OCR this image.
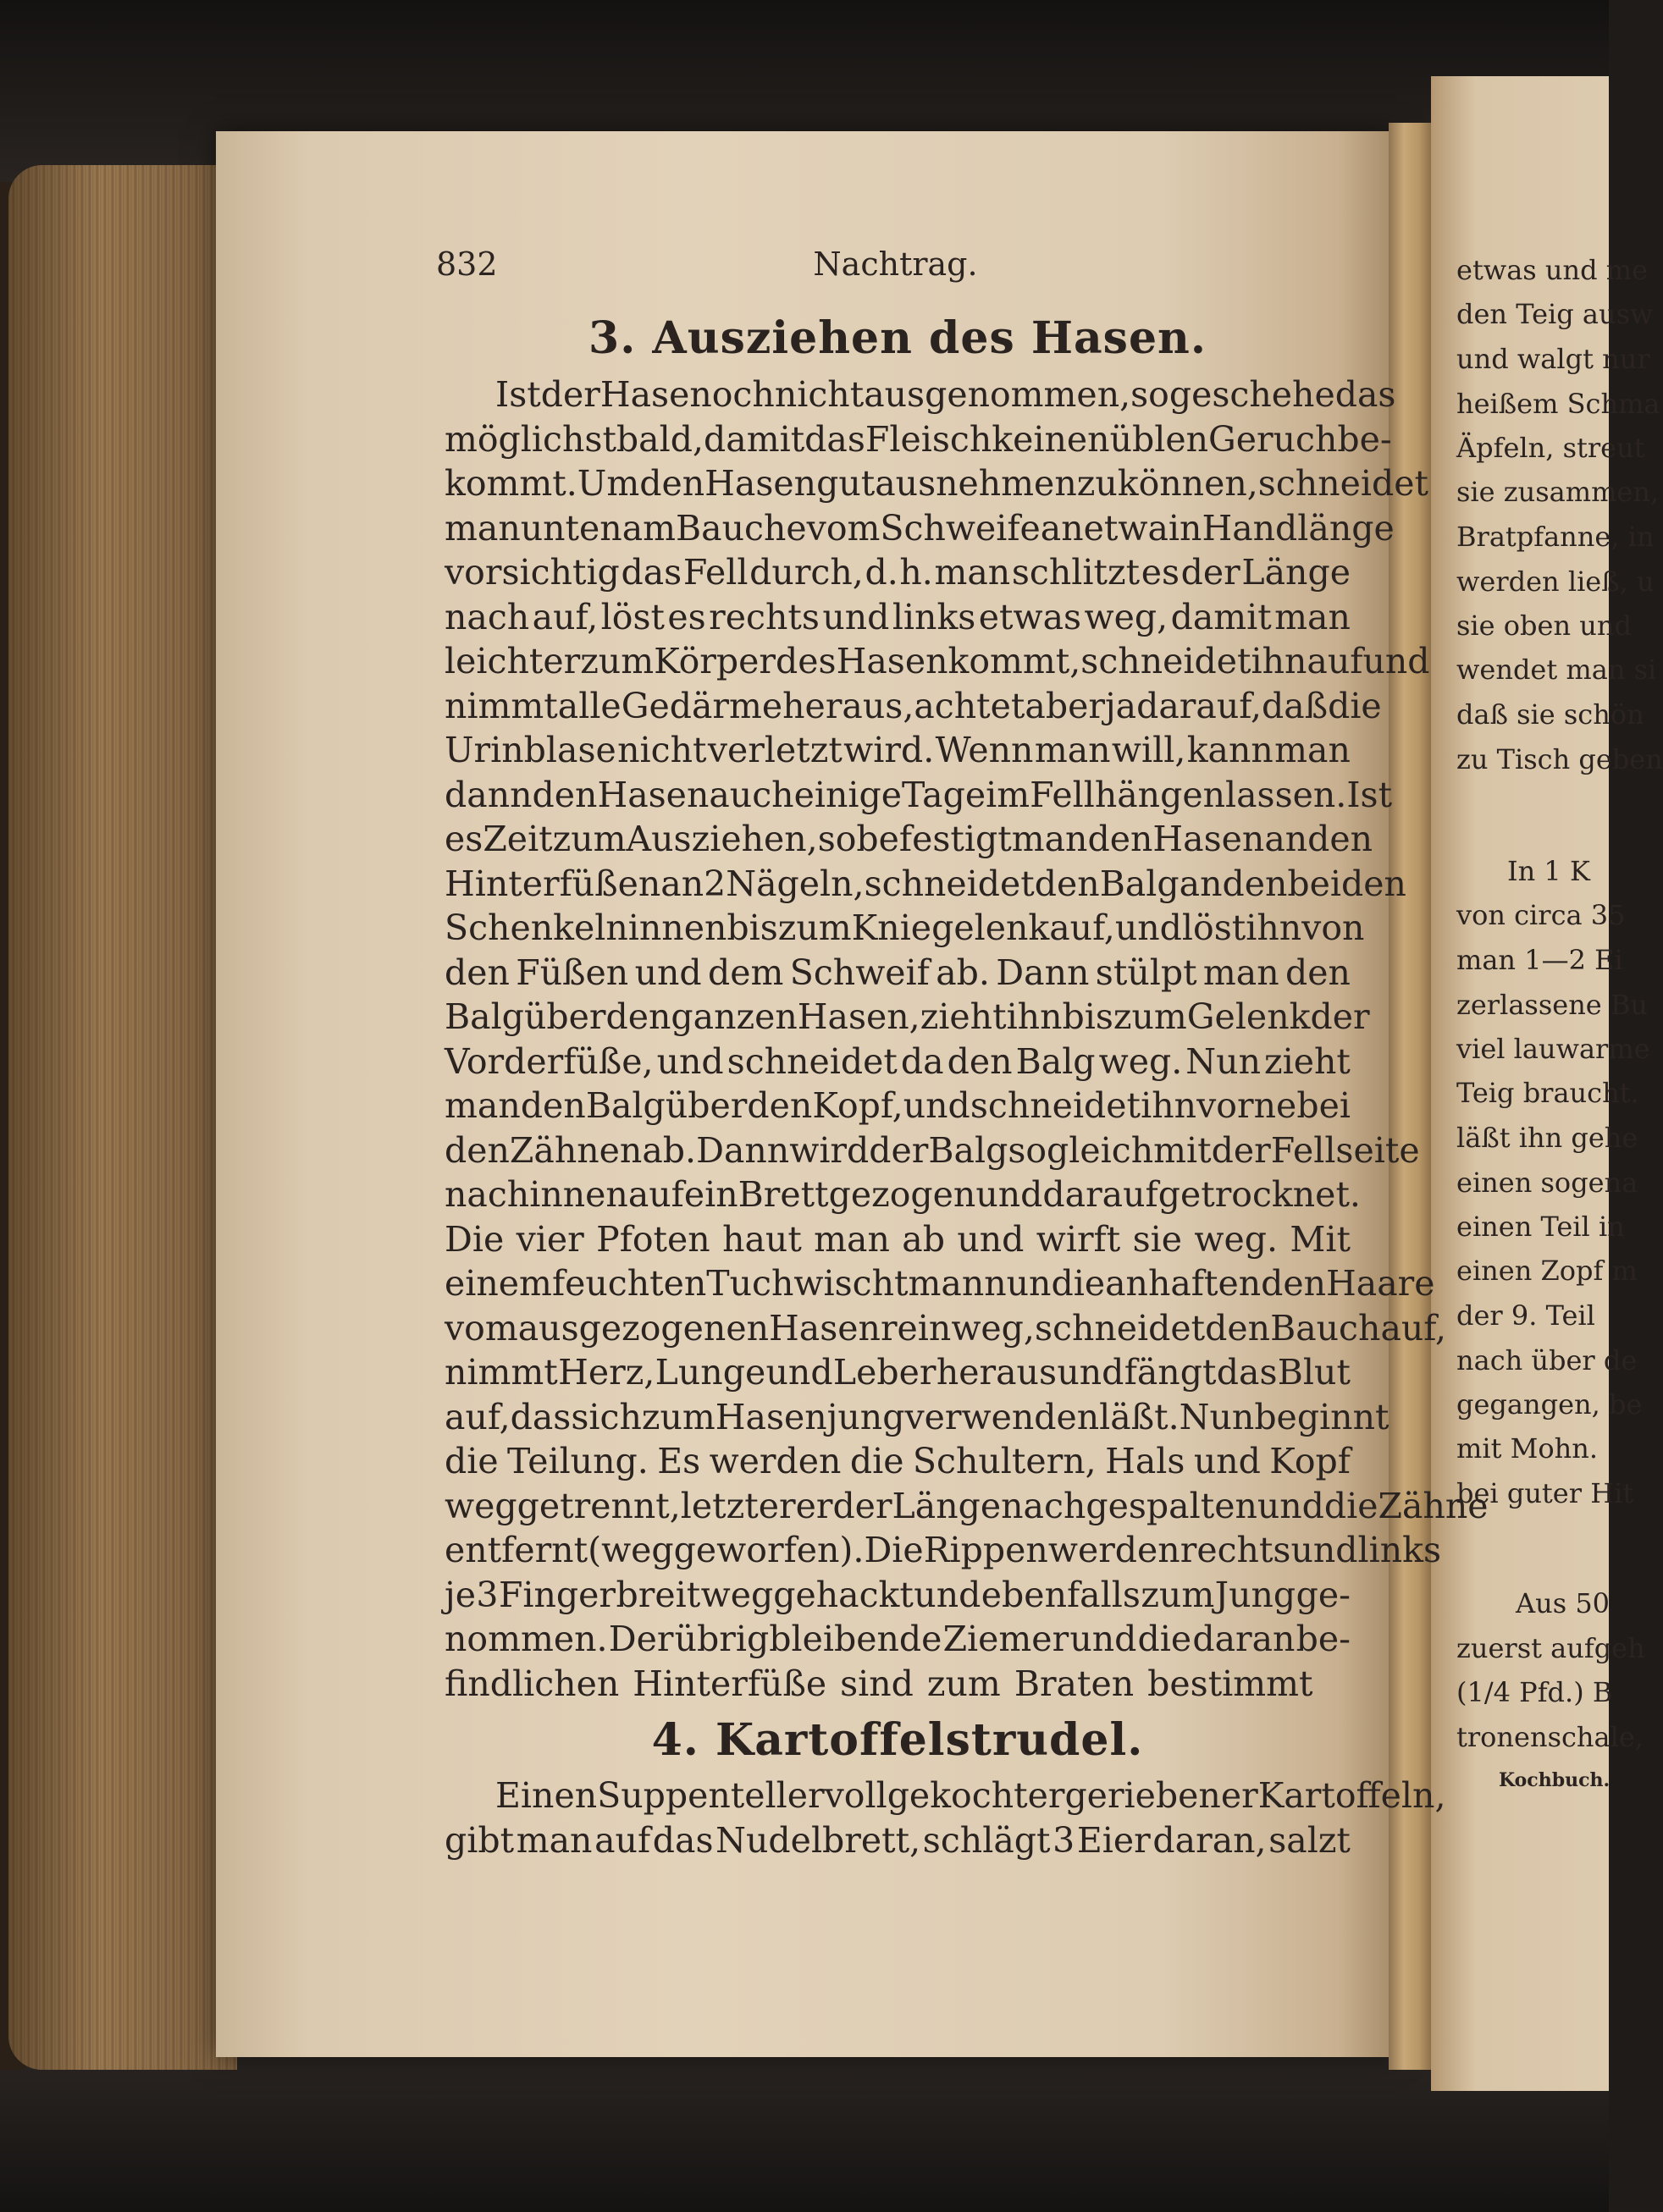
832	Nachtrag.
3. Ausziehen des Hasen.
Ist der Hase noch nicht ausgenommen, so geschehe das
möglichst bald, damit das Fleisch keinen üblen Geruch be-
kommt. Um den Hasen gut ausnehmen zu können, schneidet
man unten am Bauche vom Schweife an etwa in Handlänge
vorsichtig das Fell durch, d. h. man schlitzt es der Länge
nach auf, löst es rechts und links etwas weg, damit man
leichter zum Körper des Hasen kommt, schneidet ihn auf und
nimmt alle Gedärme heraus, achtet aber ja darauf, daß die
Urinblase nicht verletzt wird. Wenn man will, kann man
dann den Hasen auch einige Tage im Fell hängen lassen. Ist
es Zeit zum Ausziehen, so befestigt man den Hasen an den
Hinterfüßen an 2 Nägeln, schneidet den Balg an den beiden
Schenkeln innen bis zum Kniegelenk auf, und löst ihn von
den Füßen und dem Schweif ab. Dann stülpt man den
Balg über den ganzen Hasen, zieht ihn bis zum Gelenk der
Vorderfüße, und schneidet da den Balg weg. Nun zieht
man den Balg über den Kopf, und schneidet ihn vorne bei
den Zähnen ab. Dann wird der Balg sogleich mit der Fellseite
nach innen auf ein Brett gezogen und darauf getrocknet.
Die vier Pfoten haut man ab und wirft sie weg. Mit
einem feuchten Tuch wischt man nun die anhaftenden Haare
vom ausgezogenen Hasen rein weg, schneidet den Bauch auf,
nimmt Herz, Lunge und Leber heraus und fängt das Blut
auf, das sich zum Hasenjung verwenden läßt. Nun beginnt
die Teilung. Es werden die Schultern, Hals und Kopf
weggetrennt, letzterer der Länge nach gespalten und die Zähne
entfernt (weggeworfen). Die Rippen werden rechts und links
je 3 Finger breit weggehackt und ebenfalls zum Jung ge-
nommen. Der übrigbleibende Ziemer und die daran be-
findlichen Hinterfüße sind zum Braten bestimmt
4. Kartoffelstrudel.
Einen Suppenteller voll gekochter geriebener Kartoffeln,
gibt man auf das Nudelbrett, schlägt 3 Eier daran, salzt
etwas und me
den Teig ausw
und walgt nur
heißem Schma
Äpfeln, streut
sie zusammen,
Bratpfanne, in
werden ließ, u
sie oben und
wendet man si
daß sie schön
zu Tisch geben
In 1 K
von circa 35
man 1—2 Ei
zerlassene Bu
viel lauwarme
Teig braucht.
läßt ihn gehe
einen sogena
einen Teil in
einen Zopf m
der 9. Teil
nach über de
gegangen, be
mit Mohn.
bei guter Hit
Aus 50
zuerst aufgeh
(1/4 Pfd.) B
tronenschale,
Kochbuch.
